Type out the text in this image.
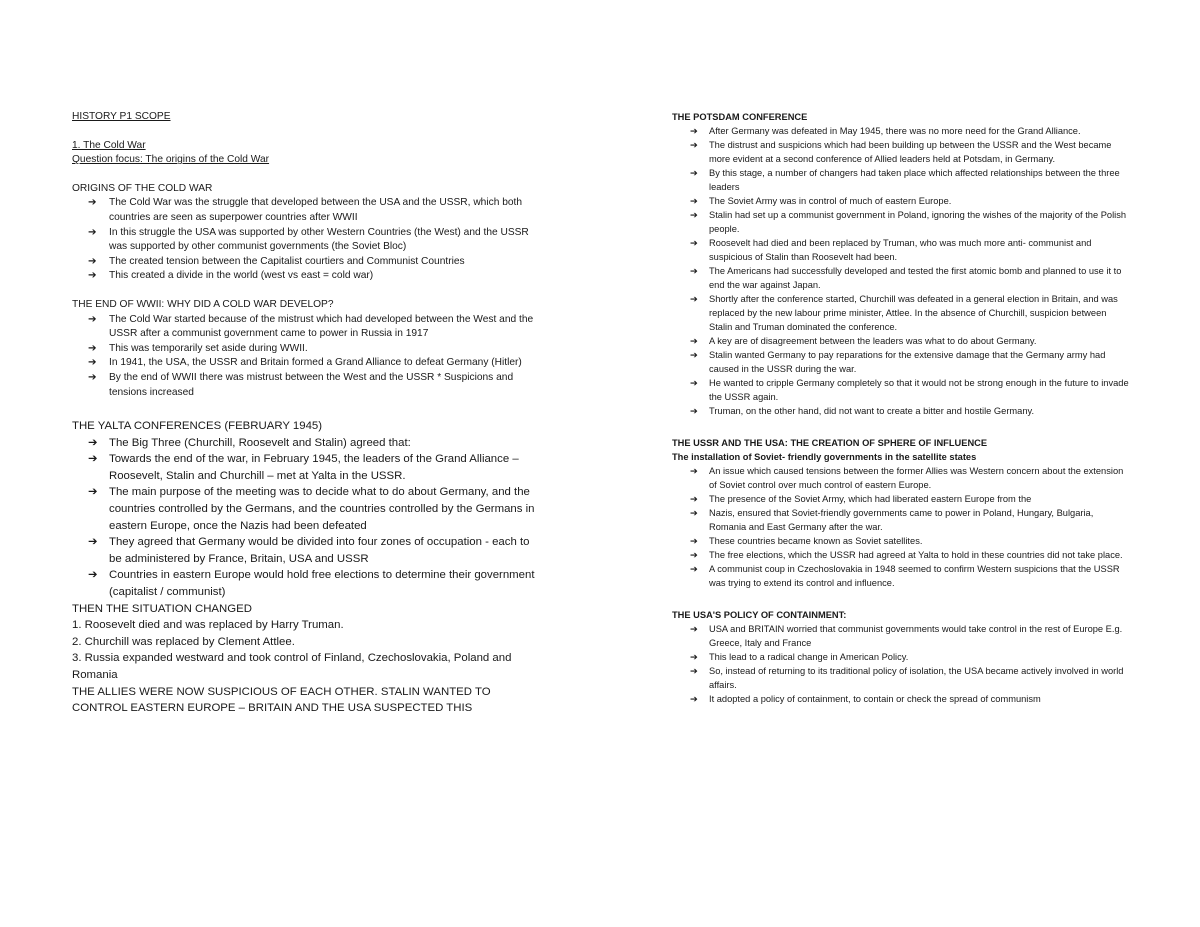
HISTORY P1 SCOPE
1. The Cold War
Question focus: The origins of the Cold War
ORIGINS OF THE COLD WAR
➔ The Cold War was the struggle that developed between the USA and the USSR, which both countries are seen as superpower countries after WWII
➔ In this struggle the USA was supported by other Western Countries (the West) and the USSR was supported by other communist governments (the Soviet Bloc)
➔ The created tension between the Capitalist courtiers and Communist Countries
➔ This created a divide in the world (west vs east = cold war)
THE END OF WWII: WHY DID A COLD WAR DEVELOP?
➔ The Cold War started because of the mistrust which had developed between the West and the USSR after a communist government came to power in Russia in 1917
➔ This was temporarily set aside during WWII.
➔ In 1941, the USA, the USSR and Britain formed a Grand Alliance to defeat Germany (Hitler)
➔ By the end of WWII there was mistrust between the West and the USSR * Suspicions and tensions increased
THE YALTA CONFERENCES (FEBRUARY 1945)
➔ The Big Three (Churchill, Roosevelt and Stalin) agreed that:
➔ Towards the end of the war, in February 1945, the leaders of the Grand Alliance – Roosevelt, Stalin and Churchill – met at Yalta in the USSR.
➔ The main purpose of the meeting was to decide what to do about Germany, and the countries controlled by the Germans, and the countries controlled by the Germans in eastern Europe, once the Nazis had been defeated
➔ They agreed that Germany would be divided into four zones of occupation - each to be administered by France, Britain, USA and USSR
➔ Countries in eastern Europe would hold free elections to determine their government (capitalist / communist)
THEN THE SITUATION CHANGED
1. Roosevelt died and was replaced by Harry Truman.
2. Churchill was replaced by Clement Attlee.
3. Russia expanded westward and took control of Finland, Czechoslovakia, Poland and Romania
THE ALLIES WERE NOW SUSPICIOUS OF EACH OTHER. STALIN WANTED TO CONTROL EASTERN EUROPE – BRITAIN AND THE USA SUSPECTED THIS
THE POTSDAM CONFERENCE
➔ After Germany was defeated in May 1945, there was no more need for the Grand Alliance.
➔ The distrust and suspicions which had been building up between the USSR and the West became more evident at a second conference of Allied leaders held at Potsdam, in Germany.
➔ By this stage, a number of changers had taken place which affected relationships between the three leaders
➔ The Soviet Army was in control of much of eastern Europe.
➔ Stalin had set up a communist government in Poland, ignoring the wishes of the majority of the Polish people.
➔ Roosevelt had died and been replaced by Truman, who was much more anti- communist and suspicious of Stalin than Roosevelt had been.
➔ The Americans had successfully developed and tested the first atomic bomb and planned to use it to end the war against Japan.
➔ Shortly after the conference started, Churchill was defeated in a general election in Britain, and was replaced by the new labour prime minister, Attlee. In the absence of Churchill, suspicion between Stalin and Truman dominated the conference.
➔ A key are of disagreement between the leaders was what to do about Germany.
➔ Stalin wanted Germany to pay reparations for the extensive damage that the Germany army had caused in the USSR during the war.
➔ He wanted to cripple Germany completely so that it would not be strong enough in the future to invade the USSR again.
➔ Truman, on the other hand, did not want to create a bitter and hostile Germany.
THE USSR AND THE USA: THE CREATION OF SPHERE OF INFLUENCE
The installation of Soviet- friendly governments in the satellite states
➔ An issue which caused tensions between the former Allies was Western concern about the extension of Soviet control over much control of eastern Europe.
➔ The presence of the Soviet Army, which had liberated eastern Europe from the
➔ Nazis, ensured that Soviet-friendly governments came to power in Poland, Hungary, Bulgaria, Romania and East Germany after the war.
➔ These countries became known as Soviet satellites.
➔ The free elections, which the USSR had agreed at Yalta to hold in these countries did not take place.
➔ A communist coup in Czechoslovakia in 1948 seemed to confirm Western suspicions that the USSR was trying to extend its control and influence.
THE USA'S POLICY OF CONTAINMENT:
➔ USA and BRITAIN worried that communist governments would take control in the rest of Europe E.g. Greece, Italy and France
➔ This lead to a radical change in American Policy.
➔ So, instead of returning to its traditional policy of isolation, the USA became actively involved in world affairs.
➔ It adopted a policy of containment, to contain or check the spread of communism
